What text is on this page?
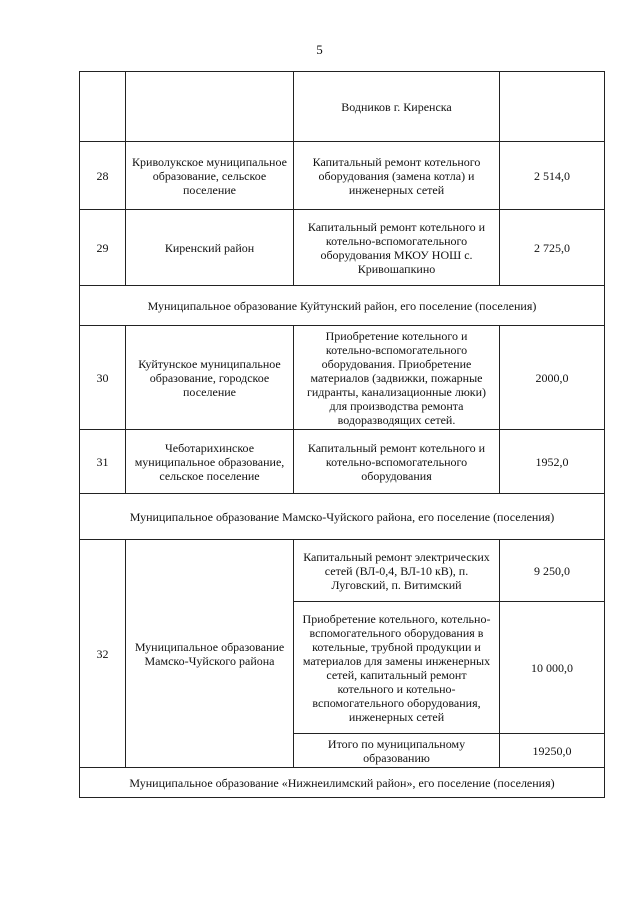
5
		Водников г. Киренска	
28	Криволукское муниципальное образование, сельское поселение	Капитальный ремонт котельного оборудования (замена котла) и инженерных сетей	2 514,0
29	Киренский район	Капитальный ремонт котельного и котельно-вспомогательного оборудования МКОУ НОШ с. Кривошапкино	2 725,0
Муниципальное образование Куйтунский район, его поселение (поселения)			
30	Куйтунское муниципальное образование, городское поселение	Приобретение котельного и котельно-вспомогательного оборудования. Приобретение материалов (задвижки, пожарные гидранты, канализационные люки) для производства ремонта водоразводящих сетей.	2000,0
31	Чеботарихинское муниципальное образование, сельское поселение	Капитальный ремонт котельного и котельно-вспомогательного оборудования	1952,0
Муниципальное образование Мамско-Чуйского района, его поселение (поселения)			
32	Муниципальное образование Мамско-Чуйского района	Капитальный ремонт электрических сетей (ВЛ-0,4, ВЛ-10 кВ), п. Луговский, п. Витимский	9 250,0
		Приобретение котельного, котельно-вспомогательного оборудования в котельные, трубной продукции и материалов для замены инженерных сетей, капитальный ремонт котельного и котельно-вспомогательного оборудования, инженерных сетей	10 000,0
		Итого по муниципальному образованию	19250,0
Муниципальное образование «Нижнеилимский район», его поселение (поселения)			
